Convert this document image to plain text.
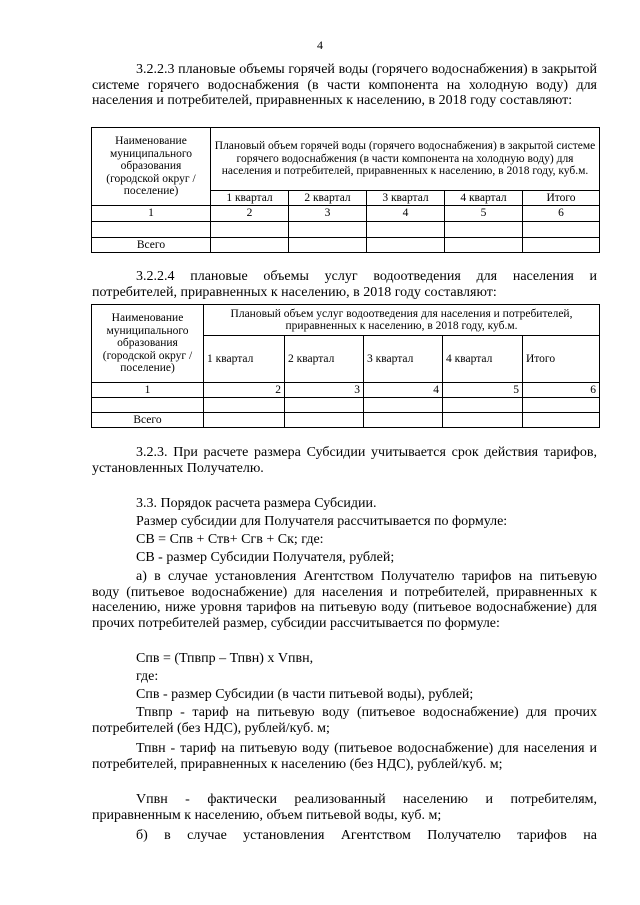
4
3.2.2.3 плановые объемы горячей воды (горячего водоснабжения) в закрытой системе горячего водоснабжения (в части компонента на холодную воду) для населения и потребителей, приравненных к населению, в 2018 году составляют:
Наименование муниципального образования (городской округ / поселение)	Плановый объем горячей воды (горячего водоснабжения) в закрытой системе горячего водоснабжения (в части компонента на холодную воду) для населения и потребителей, приравненных к населению, в 2018 году, куб.м.				
	1 квартал	2 квартал	3 квартал	4 квартал	Итого
1	2	3	4	5	6

Всего					
3.2.2.4 плановые объемы услуг водоотведения для населения и потребителей, приравненных к населению, в 2018 году составляют:
Наименование муниципального образования (городской округ / поселение)	Плановый объем услуг водоотведения для населения и потребителей, приравненных к населению, в 2018 году, куб.м.				
	1 квартал	2 квартал	3 квартал	4 квартал	Итого
1	2	3	4	5	6

Всего					
3.2.3. При расчете размера Субсидии учитывается срок действия тарифов, установленных Получателю.
3.3. Порядок расчета размера Субсидии.
Размер субсидии для Получателя рассчитывается по формуле:
СВ = Спв + Ств+ Сгв + Ск; где:
СВ - размер Субсидии Получателя, рублей;
а) в случае установления Агентством Получателю тарифов на питьевую воду (питьевое водоснабжение) для населения и потребителей, приравненных к населению, ниже уровня тарифов на питьевую воду (питьевое водоснабжение) для прочих потребителей размер, субсидии рассчитывается по формуле:
Спв = (Тпвпр – Тпвн) х Vпвн,
где:
Спв - размер Субсидии (в части питьевой воды), рублей;
Тпвпр - тариф на питьевую воду (питьевое водоснабжение) для прочих потребителей (без НДС), рублей/куб. м;
Тпвн - тариф на питьевую воду (питьевое водоснабжение) для населения и потребителей, приравненных к населению (без НДС), рублей/куб. м;
Vпвн - фактически реализованный населению и потребителям, приравненным к населению, объем питьевой воды, куб. м;
б) в случае установления Агентством Получателю тарифов на
